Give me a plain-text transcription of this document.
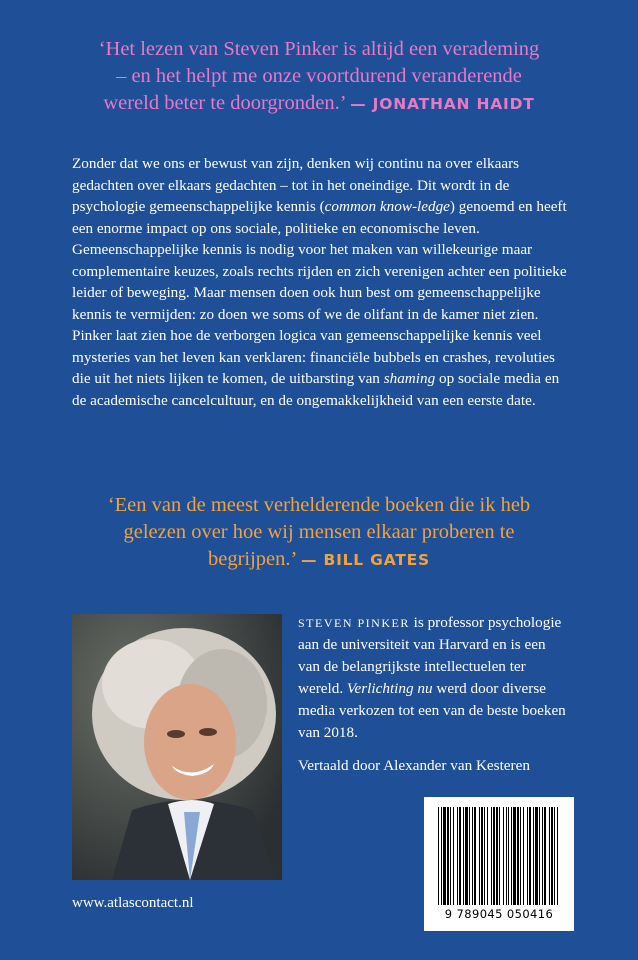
‘Het lezen van Steven Pinker is altijd een verademing
– en het helpt me onze voortdurend veranderende
wereld beter te doorgronden.’ — JONATHAN HAIDT

Zonder dat we ons er bewust van zijn, denken wij continu na over elkaars gedachten over elkaars gedachten – tot in het oneindige. Dit wordt in de psychologie gemeenschappelijke kennis (common know-ledge) genoemd en heeft een enorme impact op ons sociale, politieke en economische leven.

Gemeenschappelijke kennis is nodig voor het maken van willekeurige maar complementaire keuzes, zoals rechts rijden en zich verenigen achter een politieke leider of beweging. Maar mensen doen ook hun best om gemeenschappelijke kennis te vermijden: zo doen we soms of we de olifant in de kamer niet zien.

Pinker laat zien hoe de verborgen logica van gemeenschappelijke kennis veel mysteries van het leven kan verklaren: financiële bubbels en crashes, revoluties die uit het niets lijken te komen, de uitbarsting van shaming op sociale media en de academische cancelcultuur, en de ongemakkelijkheid van een eerste date.

‘Een van de meest verhelderende boeken die ik heb
gelezen over hoe wij mensen elkaar proberen te
begrijpen.’ — BILL GATES
STEVEN PINKER is professor psychologie aan de universiteit van Harvard en is een van de belangrijkste intellectuelen ter wereld. Verlichting nu werd door diverse media verkozen tot een van de beste boeken van 2018.
Vertaald door Alexander van Kesteren
9 789045 050416
www.atlascontact.nl
